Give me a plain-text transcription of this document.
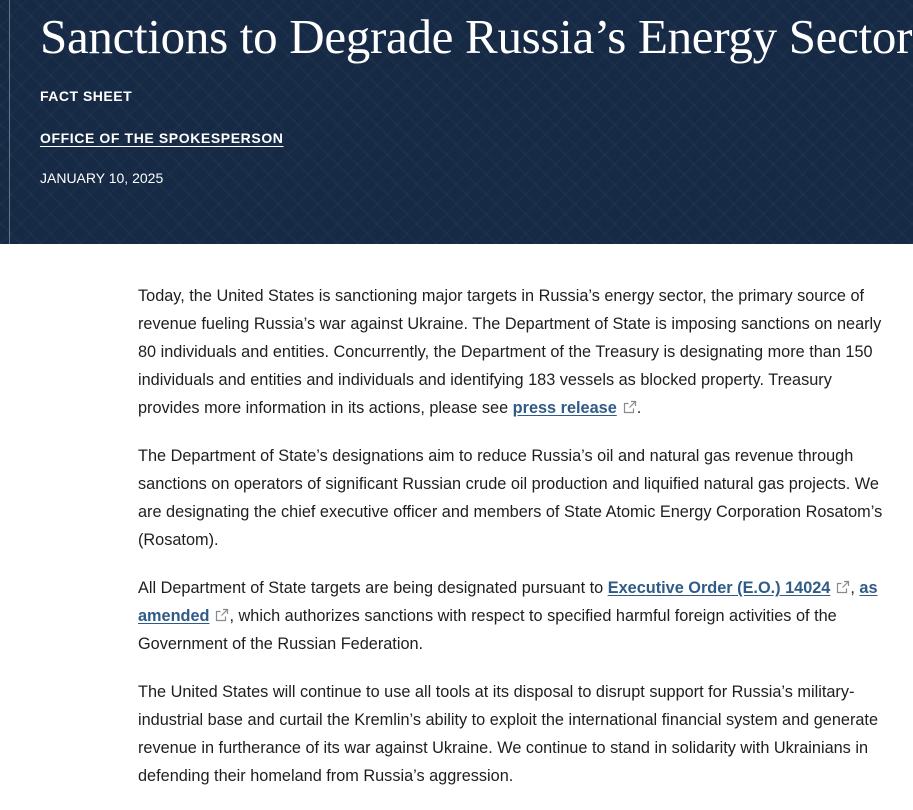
Sanctions to Degrade Russia’s Energy Sector
FACT SHEET
OFFICE OF THE SPOKESPERSON
JANUARY 10, 2025

Today, the United States is sanctioning major targets in Russia’s energy sector, the primary source of revenue fueling Russia’s war against Ukraine. The Department of State is imposing sanctions on nearly 80 individuals and entities. Concurrently, the Department of the Treasury is designating more than 150 individuals and entities and individuals and identifying 183 vessels as blocked property. Treasury provides more information in its actions, please see press release .

The Department of State’s designations aim to reduce Russia’s oil and natural gas revenue through sanctions on operators of significant Russian crude oil production and liquified natural gas projects. We are designating the chief executive officer and members of State Atomic Energy Corporation Rosatom’s (Rosatom).

All Department of State targets are being designated pursuant to Executive Order (E.O.) 14024 , as amended , which authorizes sanctions with respect to specified harmful foreign activities of the Government of the Russian Federation.

The United States will continue to use all tools at its disposal to disrupt support for Russia’s military-industrial base and curtail the Kremlin’s ability to exploit the international financial system and generate revenue in furtherance of its war against Ukraine. We continue to stand in solidarity with Ukrainians in defending their homeland from Russia’s aggression.
